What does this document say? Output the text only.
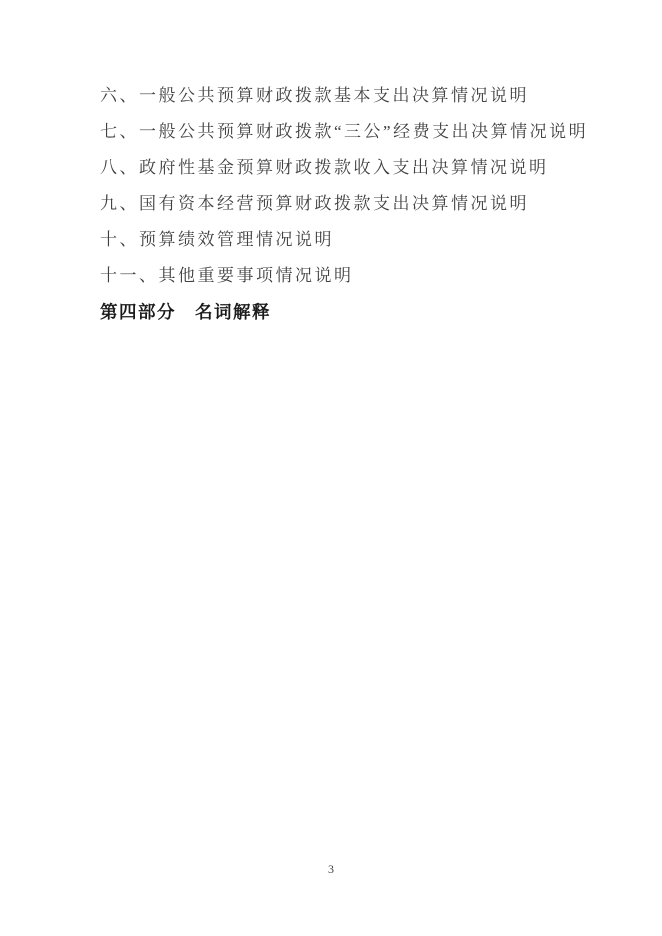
六、一般公共预算财政拨款基本支出决算情况说明

七、一般公共预算财政拨款“三公”经费支出决算情况说明

八、政府性基金预算财政拨款收入支出决算情况说明

九、国有资本经营预算财政拨款支出决算情况说明

十、预算绩效管理情况说明

十一、其他重要事项情况说明

第四部分　名词解释
3
